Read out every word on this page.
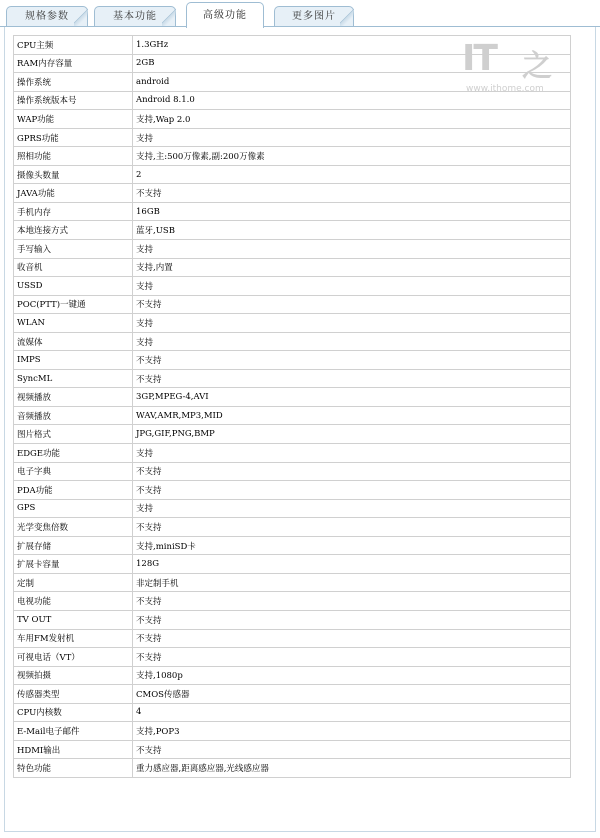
规格参数	基本功能	高级功能	更多图片
CPU主频	1.3GHz
RAM内存容量	2GB
操作系统	android
操作系统版本号	Android 8.1.0
WAP功能	支持,Wap 2.0
GPRS功能	支持
照相功能	支持,主:500万像素,副:200万像素
摄像头数量	2
JAVA功能	不支持
手机内存	16GB
本地连接方式	蓝牙,USB
手写输入	支持
收音机	支持,内置
USSD	支持
POC(PTT)一键通	不支持
WLAN	支持
流媒体	支持
IMPS	不支持
SyncML	不支持
视频播放	3GP,MPEG-4,AVI
音频播放	WAV,AMR,MP3,MID
图片格式	JPG,GIF,PNG,BMP
EDGE功能	支持
电子字典	不支持
PDA功能	不支持
GPS	支持
光学变焦倍数	不支持
扩展存储	支持,miniSD卡
扩展卡容量	128G
定制	非定制手机
电视功能	不支持
TV OUT	不支持
车用FM发射机	不支持
可视电话（VT）	不支持
视频拍摄	支持,1080p
传感器类型	CMOS传感器
CPU内核数	4
E-Mail电子邮件	支持,POP3
HDMI输出	不支持
特色功能	重力感应器,距离感应器,光线感应器
IT 之
www.ithome.com
